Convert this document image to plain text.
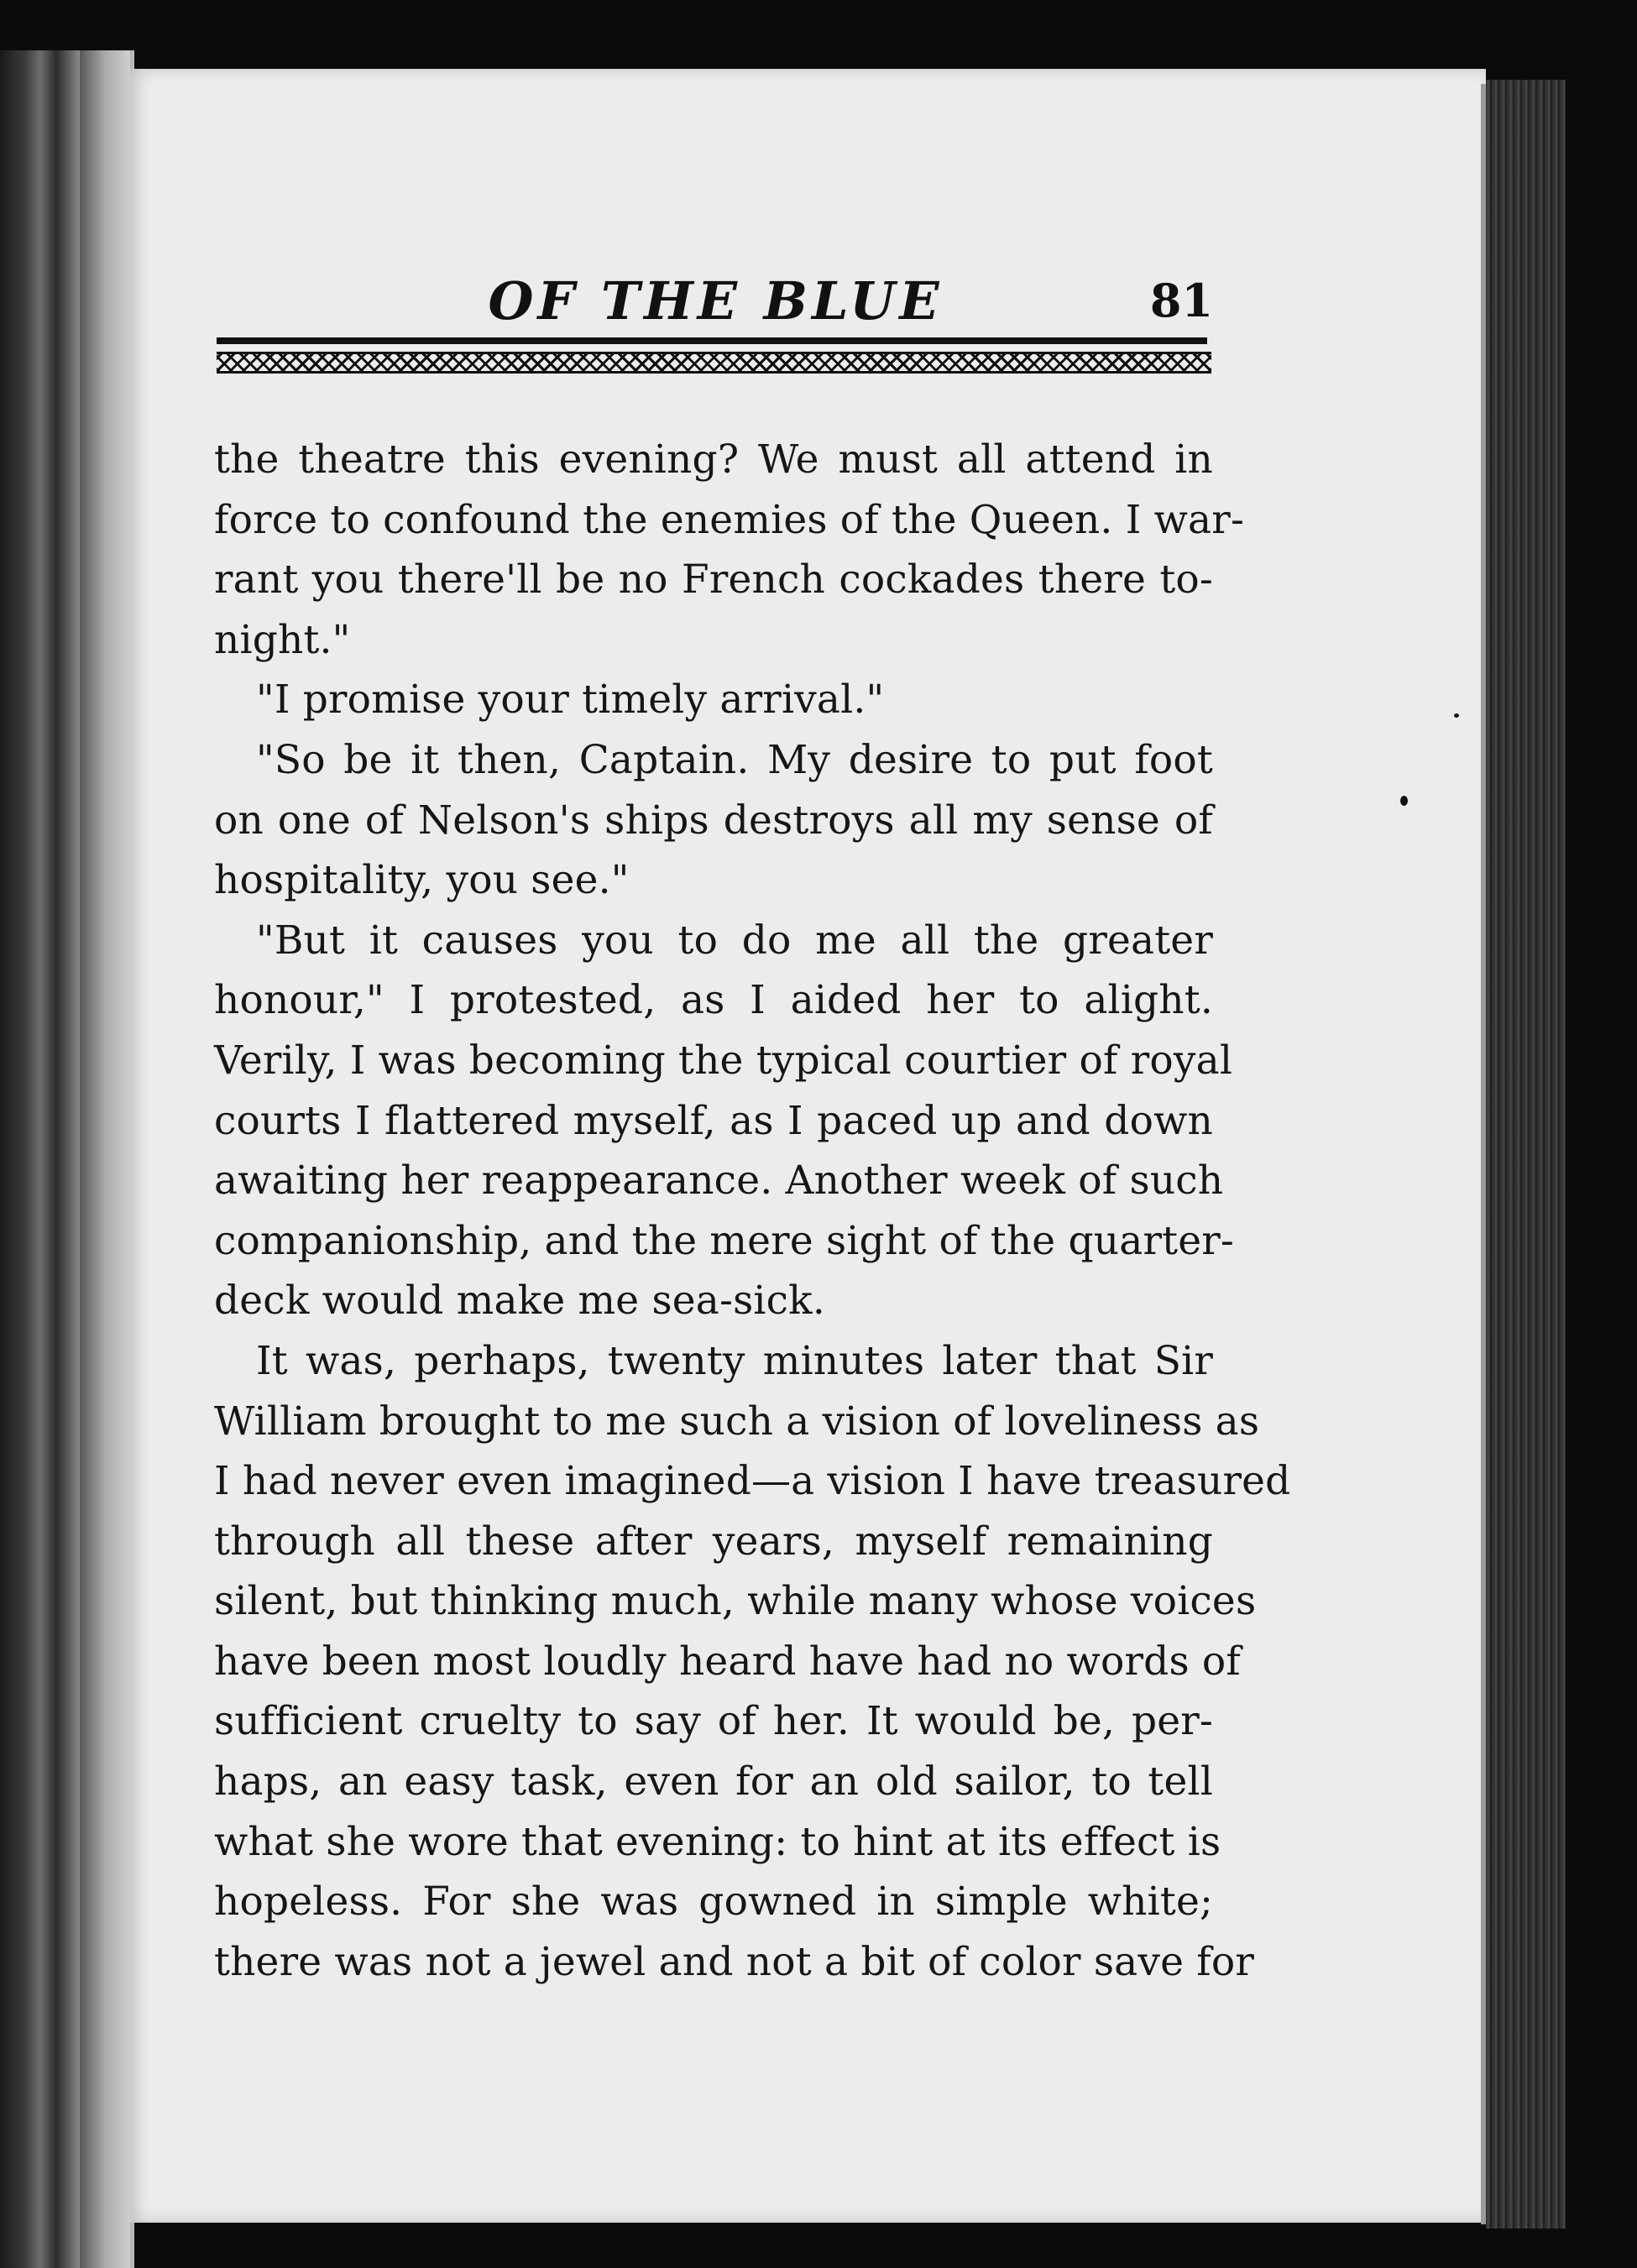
OF THE BLUE	81
the theatre this evening? We must all attend in
force to confound the enemies of the Queen. I war-
rant you there'll be no French cockades there to-
night."
"I promise your timely arrival."
"So be it then, Captain. My desire to put foot
on one of Nelson's ships destroys all my sense of
hospitality, you see."
"But it causes you to do me all the greater
honour," I protested, as I aided her to alight.
Verily, I was becoming the typical courtier of royal
courts I flattered myself, as I paced up and down
awaiting her reappearance. Another week of such
companionship, and the mere sight of the quarter-
deck would make me sea-sick.
It was, perhaps, twenty minutes later that Sir
William brought to me such a vision of loveliness as
I had never even imagined—a vision I have treasured
through all these after years, myself remaining
silent, but thinking much, while many whose voices
have been most loudly heard have had no words of
sufficient cruelty to say of her. It would be, per-
haps, an easy task, even for an old sailor, to tell
what she wore that evening: to hint at its effect is
hopeless. For she was gowned in simple white;
there was not a jewel and not a bit of color save for
